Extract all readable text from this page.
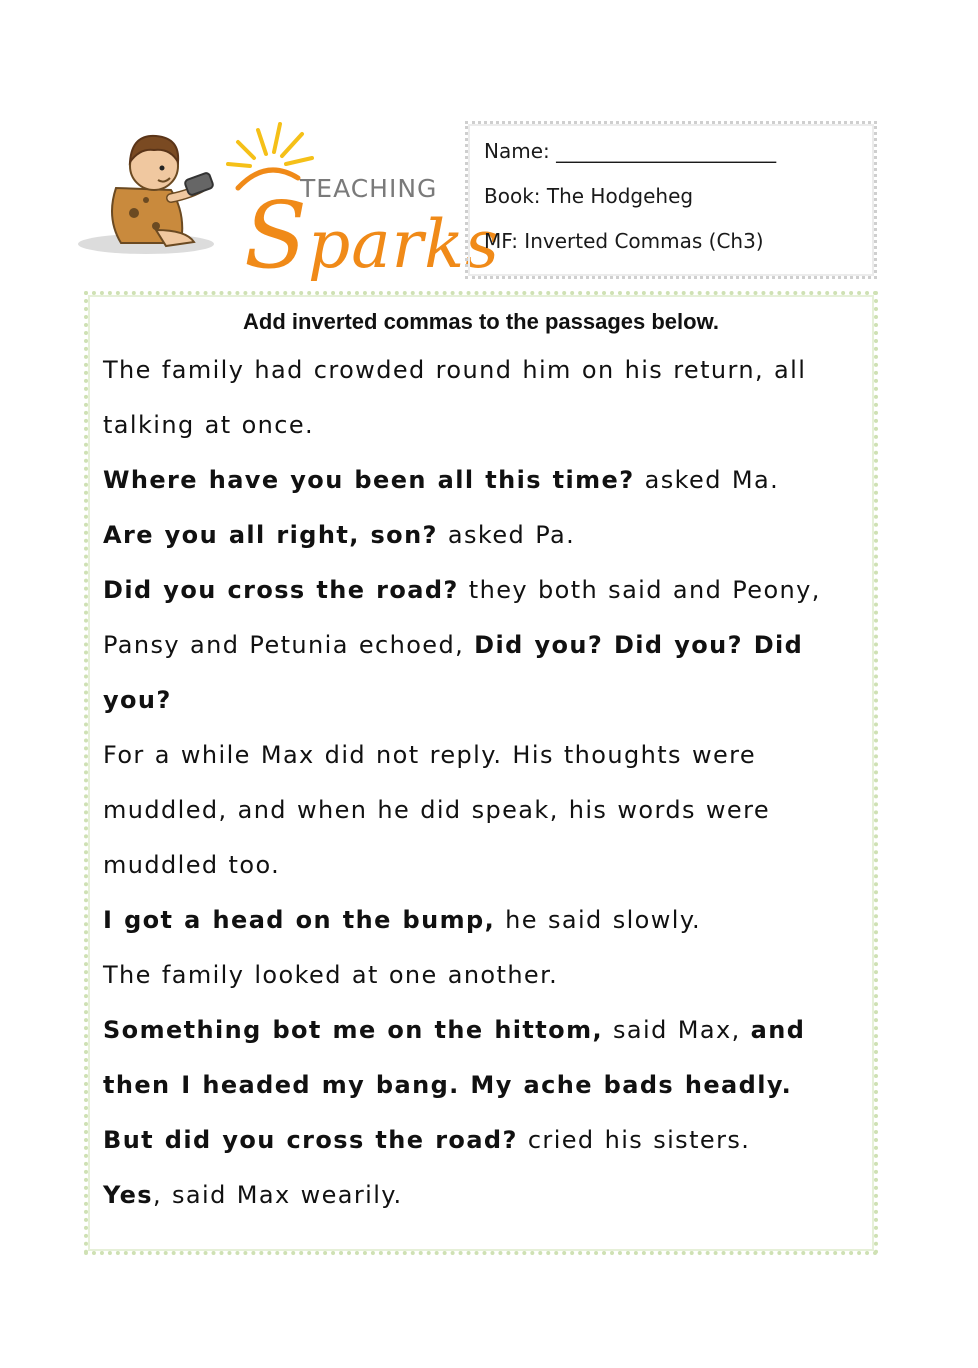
TEACHING
Sparks
Name: ______________________
Book: The Hodgeheg
MF: Inverted Commas (Ch3)
Add inverted commas to the passages below.
The family had crowded round him on his return, all
talking at once.
Where have you been all this time? asked Ma.
Are you all right, son? asked Pa.
Did you cross the road? they both said and Peony,
Pansy and Petunia echoed, Did you? Did you? Did
you?
For a while Max did not reply. His thoughts were
muddled, and when he did speak, his words were
muddled too.
I got a head on the bump, he said slowly.
The family looked at one another.
Something bot me on the hittom, said Max, and
then I headed my bang. My ache bads headly.
But did you cross the road? cried his sisters.
Yes, said Max wearily.
